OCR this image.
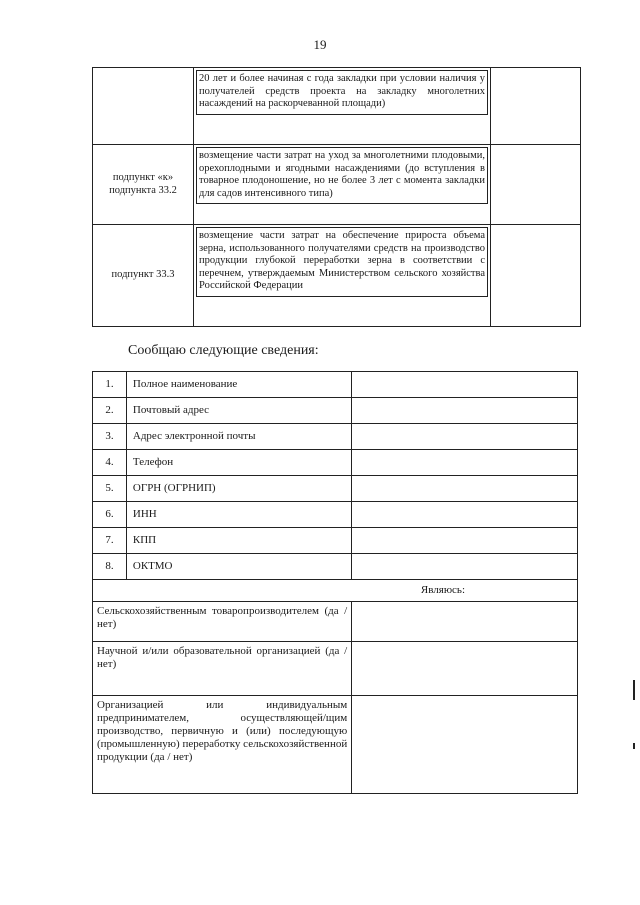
19

	20 лет и более начиная с года закладки при условии наличия у получателей средств проекта на закладку многолетних насаждений на раскорчеванной площади)	

подпункт «к» подпункта 33.2	возмещение части затрат на уход за многолетними плодовыми, орехоплодными и ягодными насаждениями (до вступления в товарное плодоношение, но не более 3 лет с момента закладки для садов интенсивного типа)	

подпункт 33.3	возмещение части затрат на обеспечение прироста объема зерна, использованного получателями средств на производство продукции глубокой переработки зерна в соответствии с перечнем, утверждаемым Министерством сельского хозяйства Российской Федерации	

Сообщаю следующие сведения:
1.	Полное наименование	
2.	Почтовый адрес	
3.	Адрес электронной почты	
4.	Телефон	
5.	ОГРН (ОГРНИП)	
6.	ИНН	
7.	КПП	
8.	ОКТМО	
Являюсь:		
Сельскохозяйственным товаропроизводителем (да / нет)		
Научной и/или образовательной организацией (да / нет)		
Организацией или индивидуальным предпринимателем, осуществляющей/щим производство, первичную и (или) последующую (промышленную) переработку сельскохозяйственной продукции (да / нет)		
